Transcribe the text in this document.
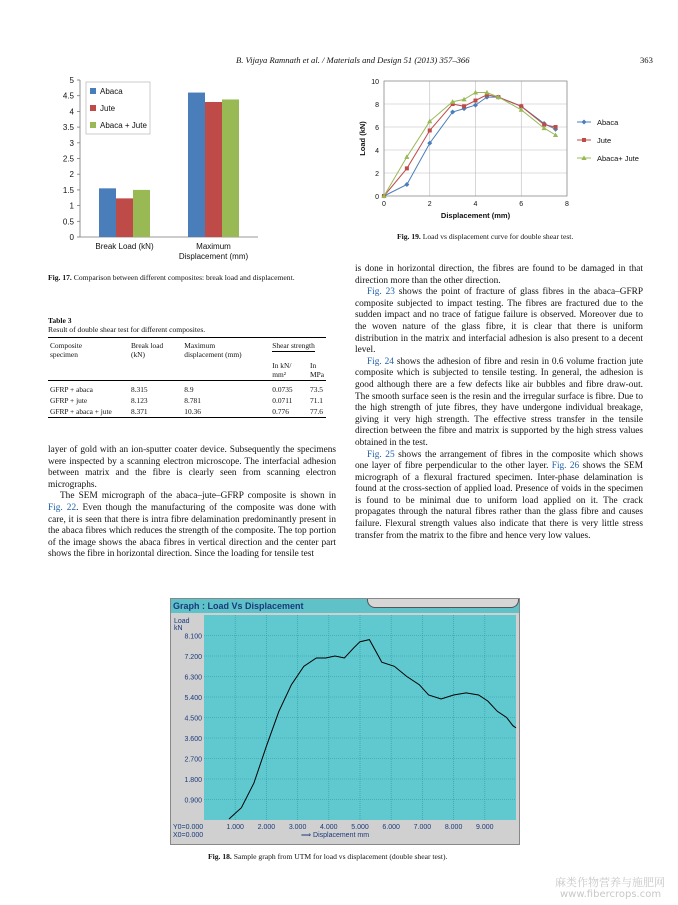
B. Vijaya Ramnath et al. / Materials and Design 51 (2013) 357–366	363
0
0.5
1
1.5
2
2.5
3
3.5
4
4.5
5
Break Load (kN)	Maximum
Displacement (mm)
Abaca
Jute
Abaca + Jute
Fig. 17. Comparison between different composites: break load and displacement.
0
2
4
6
8
10
0	2	4	6	8
Displacement (mm)
Load (kN)	Abaca
Jute
Abaca+ Jute
Fig. 19. Load vs displacement curve for double shear test.
Table 3
Result of double shear test for different composites.
Composite
specimen	Break load
(kN)	Maximum
displacement (mm)	Shear strength	
			In kN/
mm²	In
MPa

GFRP + abaca	8.315	8.9	0.0735	73.5
GFRP + jute	8.123	8.781	0.0711	71.1
GFRP + abaca + jute	8.371	10.36	0.776	77.6

layer of gold with an ion-sputter coater device. Subsequently the specimens were inspected by a scanning electron microscope. The interfacial adhesion between matrix and the fibre is clearly seen from scanning electron micrographs.

The SEM micrograph of the abaca–jute–GFRP composite is shown in Fig. 22. Even though the manufacturing of the composite was done with care, it is seen that there is intra fibre delamination predominantly present in the abaca fibres which reduces the strength of the composite. The top portion of the image shows the abaca fibres in vertical direction and the center part shows the fibre in horizontal direction. Since the loading for tensile test

is done in horizontal direction, the fibres are found to be damaged in that direction more than the other direction.

Fig. 23 shows the point of fracture of glass fibres in the abaca–GFRP composite subjected to impact testing. The fibres are fractured due to the sudden impact and no trace of fatigue failure is observed. Moreover due to the woven nature of the glass fibre, it is clear that there is uniform distribution in the matrix and interfacial adhesion is also present to a decent level.

Fig. 24 shows the adhesion of fibre and resin in 0.6 volume fraction jute composite which is subjected to tensile testing. In general, the adhesion is good although there are a few defects like air bubbles and fibre draw-out. The smooth surface seen is the resin and the irregular surface is fibre. Due to the high strength of jute fibres, they have undergone individual breakage, giving it very high strength. The effective stress transfer in the tensile direction between the fibre and matrix is supported by the high stress values obtained in the test.

Fig. 25 shows the arrangement of fibres in the composite which shows one layer of fibre perpendicular to the other layer. Fig. 26 shows the SEM micrograph of a flexural fractured specimen. Inter-phase delamination is found at the cross-section of applied load. Presence of voids in the specimen is found to be minimal due to uniform load applied on it. The crack propagates through the natural fibres rather than the glass fibre and causes failure. Flexural strength values also indicate that there is very little stress transfer from the matrix to the fibre and hence very low values.

Graph : Load Vs Displacement
0.900
1.800
2.700
3.600
4.500
5.400
6.300
7.200
8.100
1.000 2.000 3.000 4.000 5.000 6.000 7.000 8.000 9.000
Load
kN
Y0=0.000
X0=0.000	⟹ Displacement mm
Fig. 18. Sample graph from UTM for load vs displacement (double shear test).
麻类作物营养与施肥网
www.fibercrops.com
